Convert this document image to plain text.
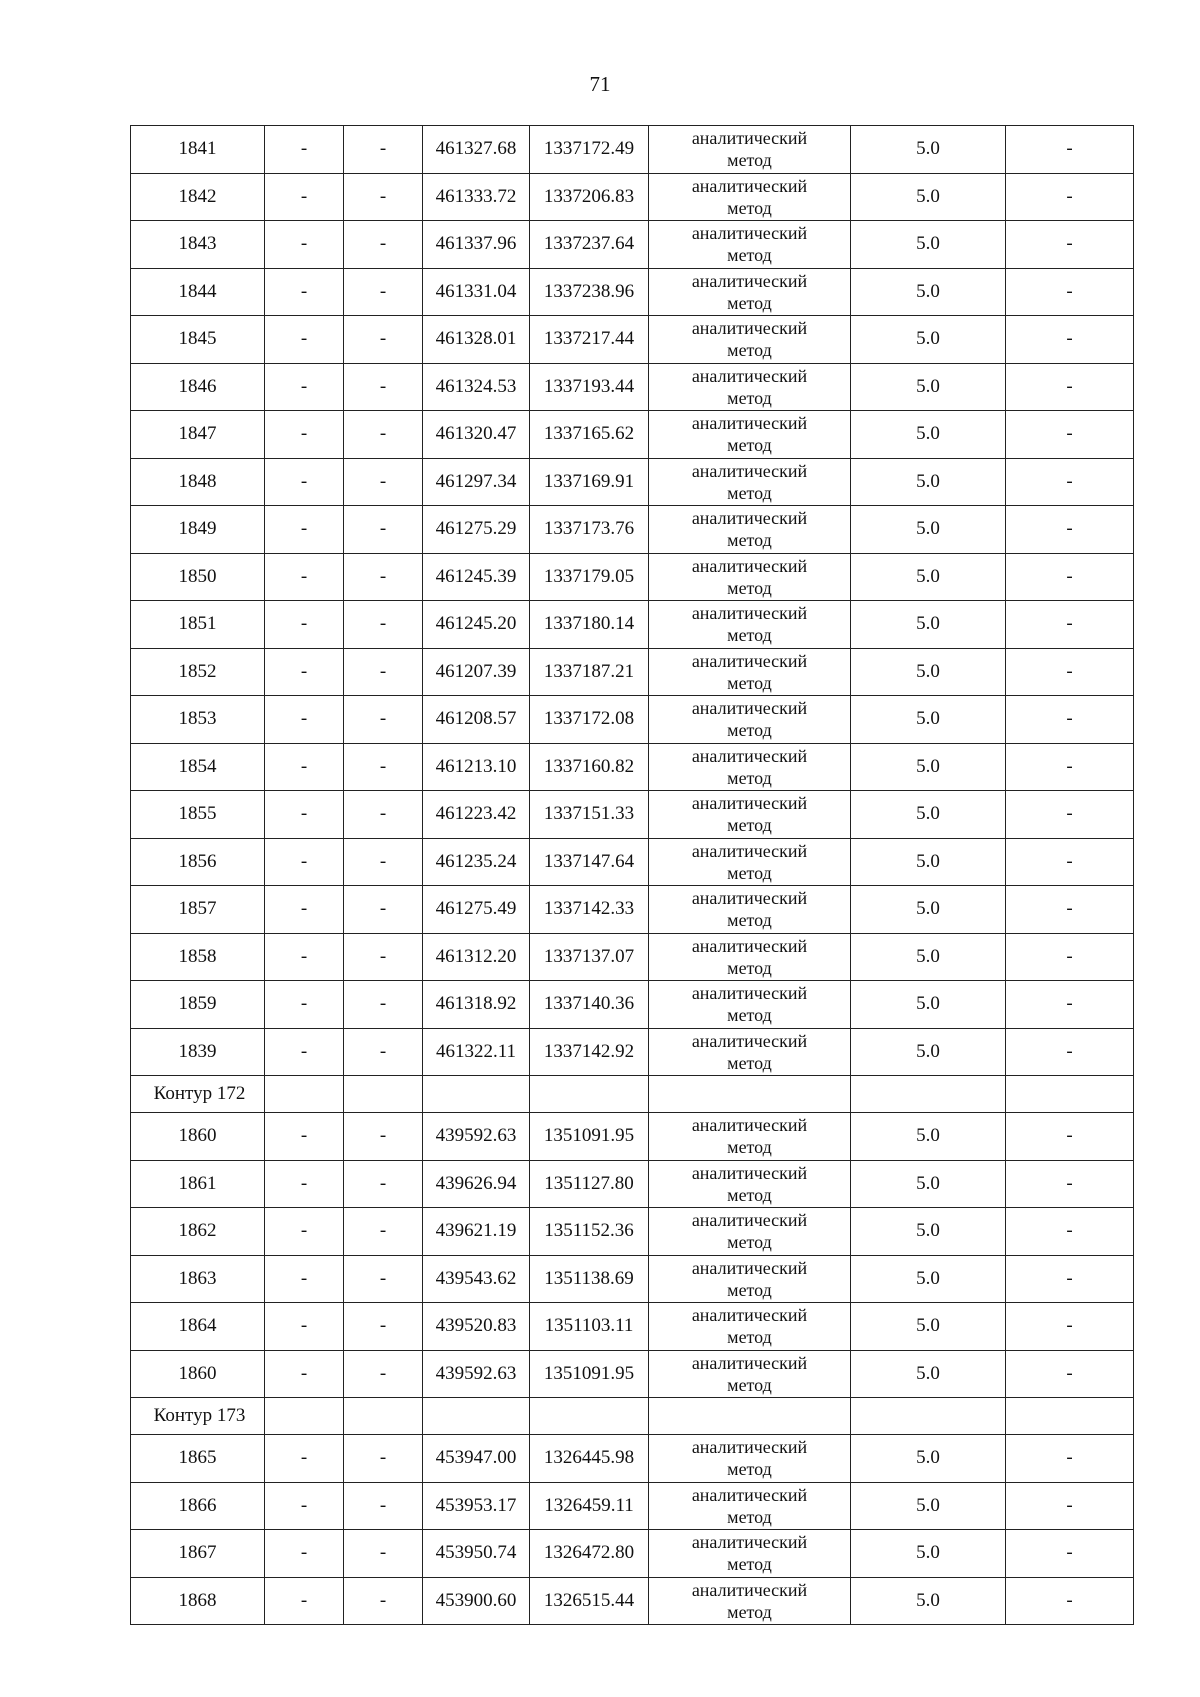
71
1841	-	-	461327.68	1337172.49	аналитический
метод	5.0	-
1842	-	-	461333.72	1337206.83	аналитический
метод	5.0	-
1843	-	-	461337.96	1337237.64	аналитический
метод	5.0	-
1844	-	-	461331.04	1337238.96	аналитический
метод	5.0	-
1845	-	-	461328.01	1337217.44	аналитический
метод	5.0	-
1846	-	-	461324.53	1337193.44	аналитический
метод	5.0	-
1847	-	-	461320.47	1337165.62	аналитический
метод	5.0	-
1848	-	-	461297.34	1337169.91	аналитический
метод	5.0	-
1849	-	-	461275.29	1337173.76	аналитический
метод	5.0	-
1850	-	-	461245.39	1337179.05	аналитический
метод	5.0	-
1851	-	-	461245.20	1337180.14	аналитический
метод	5.0	-
1852	-	-	461207.39	1337187.21	аналитический
метод	5.0	-
1853	-	-	461208.57	1337172.08	аналитический
метод	5.0	-
1854	-	-	461213.10	1337160.82	аналитический
метод	5.0	-
1855	-	-	461223.42	1337151.33	аналитический
метод	5.0	-
1856	-	-	461235.24	1337147.64	аналитический
метод	5.0	-
1857	-	-	461275.49	1337142.33	аналитический
метод	5.0	-
1858	-	-	461312.20	1337137.07	аналитический
метод	5.0	-
1859	-	-	461318.92	1337140.36	аналитический
метод	5.0	-
1839	-	-	461322.11	1337142.92	аналитический
метод	5.0	-
Контур 172							
1860	-	-	439592.63	1351091.95	аналитический
метод	5.0	-
1861	-	-	439626.94	1351127.80	аналитический
метод	5.0	-
1862	-	-	439621.19	1351152.36	аналитический
метод	5.0	-
1863	-	-	439543.62	1351138.69	аналитический
метод	5.0	-
1864	-	-	439520.83	1351103.11	аналитический
метод	5.0	-
1860	-	-	439592.63	1351091.95	аналитический
метод	5.0	-
Контур 173							
1865	-	-	453947.00	1326445.98	аналитический
метод	5.0	-
1866	-	-	453953.17	1326459.11	аналитический
метод	5.0	-
1867	-	-	453950.74	1326472.80	аналитический
метод	5.0	-
1868	-	-	453900.60	1326515.44	аналитический
метод	5.0	-
